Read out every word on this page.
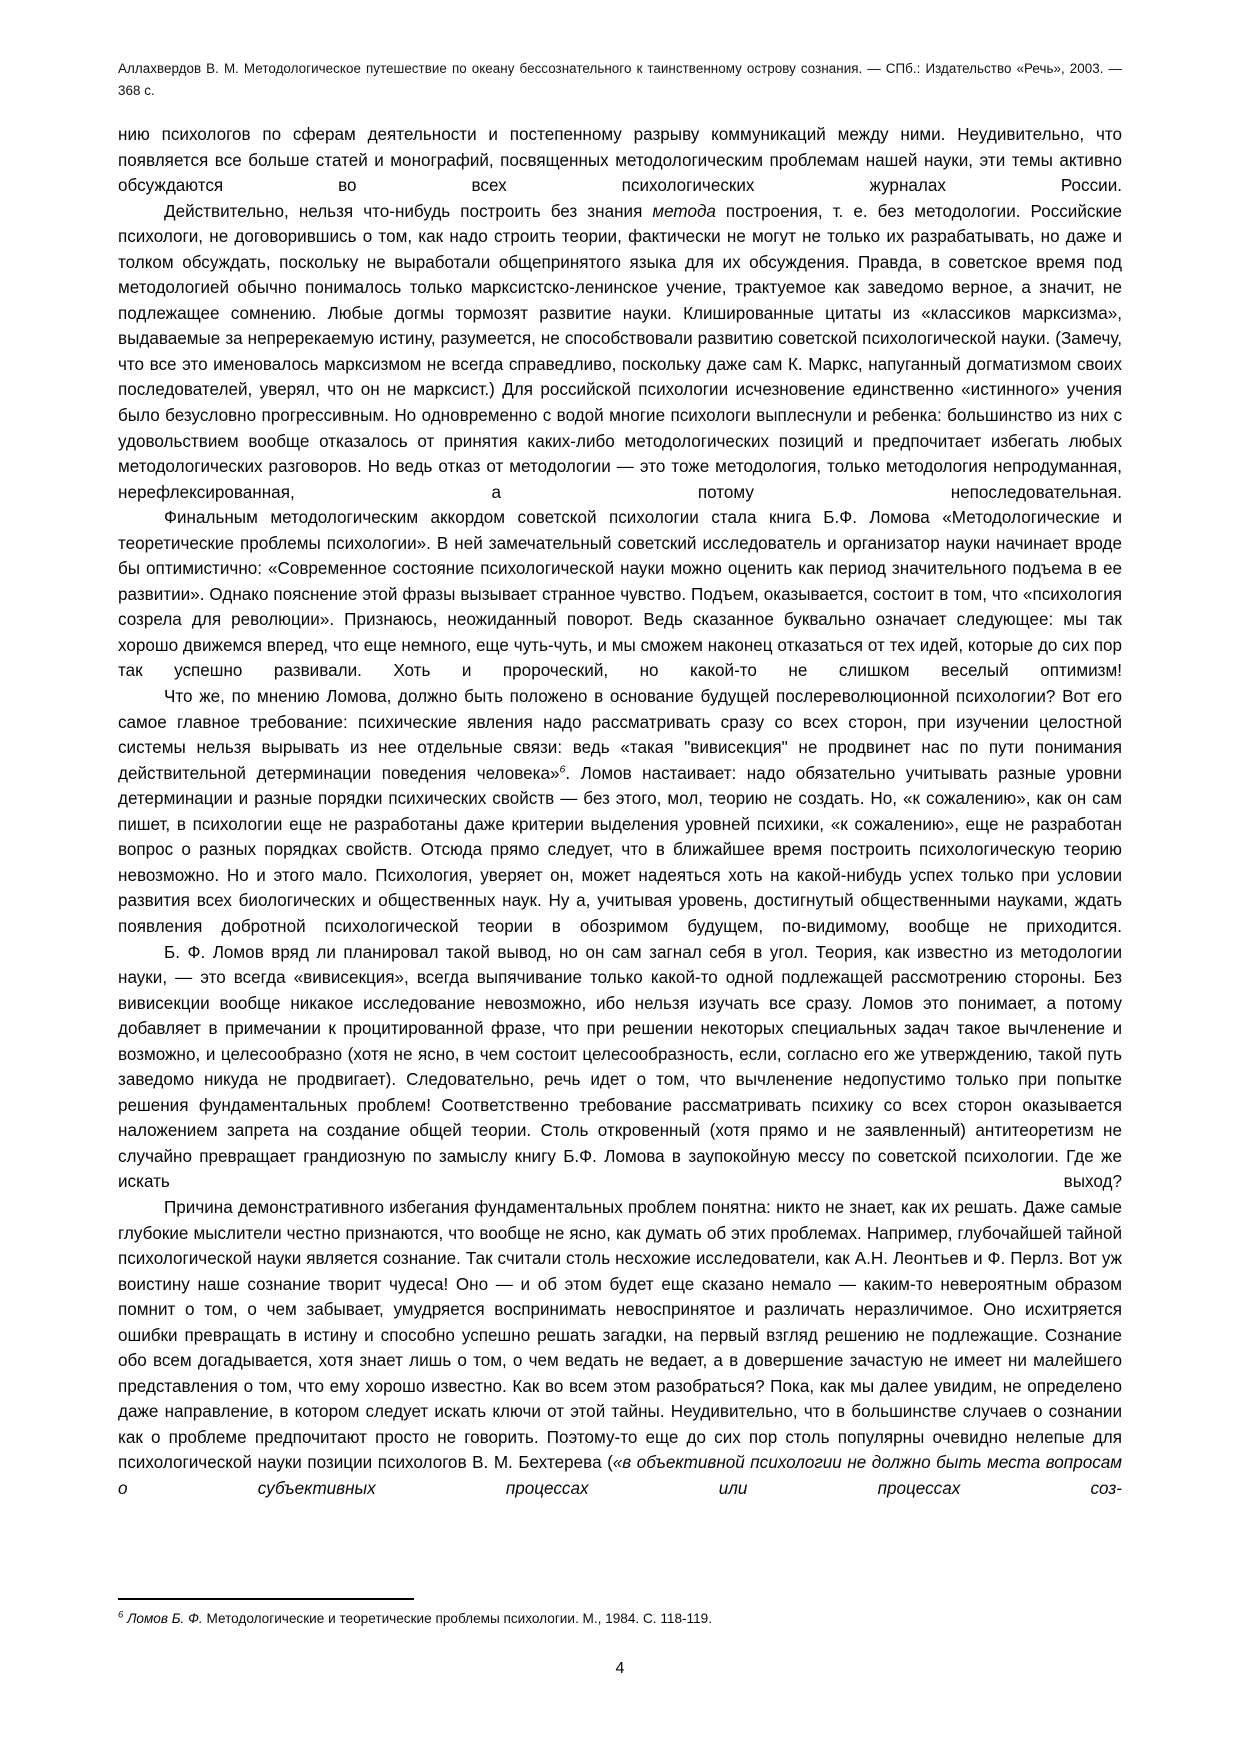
Аллахвердов В. М. Методологическое путешествие по океану бессознательного к таинственному острову сознания. — СПб.: Издательство «Речь», 2003. — 368 с.

нию психологов по сферам деятельности и постепенному разрыву коммуникаций между ними. Неудивительно, что появляется все больше статей и монографий, посвященных методологическим проблемам нашей науки, эти темы активно обсуждаются во всех психологических журналах России.

Действительно, нельзя что-нибудь построить без знания метода построения, т. е. без методологии. Российские психологи, не договорившись о том, как надо строить теории, фактически не могут не только их разрабатывать, но даже и толком обсуждать, поскольку не выработали общепринятого языка для их обсуждения. Правда, в советское время под методологией обычно понималось только марксистско-ленинское учение, трактуемое как заведомо верное, а значит, не подлежащее сомнению. Любые догмы тормозят развитие науки. Клишированные цитаты из «классиков марксизма», выдаваемые за непререкаемую истину, разумеется, не способствовали развитию советской психологической науки. (Замечу, что все это именовалось марксизмом не всегда справедливо, поскольку даже сам К. Маркс, напуганный догматизмом своих последователей, уверял, что он не марксист.) Для российской психологии исчезновение единственно «истинного» учения было безусловно прогрессивным. Но одновременно с водой многие психологи выплеснули и ребенка: большинство из них с удовольствием вообще отказалось от принятия каких-либо методологических позиций и предпочитает избегать любых методологических разговоров. Но ведь отказ от методологии — это тоже методология, только методология непродуманная, нерефлексированная, а потому непоследовательная.

Финальным методологическим аккордом советской психологии стала книга Б.Ф. Ломова «Методологические и теоретические проблемы психологии». В ней замечательный советский исследователь и организатор науки начинает вроде бы оптимистично: «Современное состояние психологической науки можно оценить как период значительного подъема в ее развитии». Однако пояснение этой фразы вызывает странное чувство. Подъем, оказывается, состоит в том, что «психология созрела для революции». Признаюсь, неожиданный поворот. Ведь сказанное буквально означает следующее: мы так хорошо движемся вперед, что еще немного, еще чуть-чуть, и мы сможем наконец отказаться от тех идей, которые до сих пор так успешно развивали. Хоть и пророческий, но какой-то не слишком веселый оптимизм!

Что же, по мнению Ломова, должно быть положено в основание будущей послереволюционной психологии? Вот его самое главное требование: психические явления надо рассматривать сразу со всех сторон, при изучении целостной системы нельзя вырывать из нее отдельные связи: ведь «такая "вивисекция" не продвинет нас по пути понимания действительной детерминации поведения человека»$^6$. Ломов настаивает: надо обязательно учитывать разные уровни детерминации и разные порядки психических свойств — без этого, мол, теорию не создать. Но, «к сожалению», как он сам пишет, в психологии еще не разработаны даже критерии выделения уровней психики, «к сожалению», еще не разработан вопрос о разных порядках свойств. Отсюда прямо следует, что в ближайшее время построить психологическую теорию невозможно. Но и этого мало. Психология, уверяет он, может надеяться хоть на какой-нибудь успех только при условии развития всех биологических и общественных наук. Ну а, учитывая уровень, достигнутый общественными науками, ждать появления добротной психологической теории в обозримом будущем, по-видимому, вообще не приходится.

Б. Ф. Ломов вряд ли планировал такой вывод, но он сам загнал себя в угол. Теория, как известно из методологии науки, — это всегда «вивисекция», всегда выпячивание только какой-то одной подлежащей рассмотрению стороны. Без вивисекции вообще никакое исследование невозможно, ибо нельзя изучать все сразу. Ломов это понимает, а потому добавляет в примечании к процитированной фразе, что при решении некоторых специальных задач такое вычленение и возможно, и целесообразно (хотя не ясно, в чем состоит целесообразность, если, согласно его же утверждению, такой путь заведомо никуда не продвигает). Следовательно, речь идет о том, что вычленение недопустимо только при попытке решения фундаментальных проблем! Соответственно требование рассматривать психику со всех сторон оказывается наложением запрета на создание общей теории. Столь откровенный (хотя прямо и не заявленный) антитеоретизм не случайно превращает грандиозную по замыслу книгу Б.Ф. Ломова в заупокойную мессу по советской психологии. Где же искать выход?

Причина демонстративного избегания фундаментальных проблем понятна: никто не знает, как их решать. Даже самые глубокие мыслители честно признаются, что вообще не ясно, как думать об этих проблемах. Например, глубочайшей тайной психологической науки является сознание. Так считали столь несхожие исследователи, как А.Н. Леонтьев и Ф. Перлз. Вот уж воистину наше сознание творит чудеса! Оно — и об этом будет еще сказано немало — каким-то невероятным образом помнит о том, о чем забывает, умудряется воспринимать невоспринятое и различать неразличимое. Оно исхитряется ошибки превращать в истину и способно успешно решать загадки, на первый взгляд решению не подлежащие. Сознание обо всем догадывается, хотя знает лишь о том, о чем ведать не ведает, а в довершение зачастую не имеет ни малейшего представления о том, что ему хорошо известно. Как во всем этом разобраться? Пока, как мы далее увидим, не определено даже направление, в котором следует искать ключи от этой тайны. Неудивительно, что в большинстве случаев о сознании как о проблеме предпочитают просто не говорить. Поэтому-то еще до сих пор столь популярны очевидно нелепые для психологической науки позиции психологов В. М. Бехтерева («в объективной психологии не должно быть места вопросам о субъективных процессах или процессах соз-

$^6$ Ломов Б. Ф. Методологические и теоретические проблемы психологии. М., 1984. С. 118-119.
4
